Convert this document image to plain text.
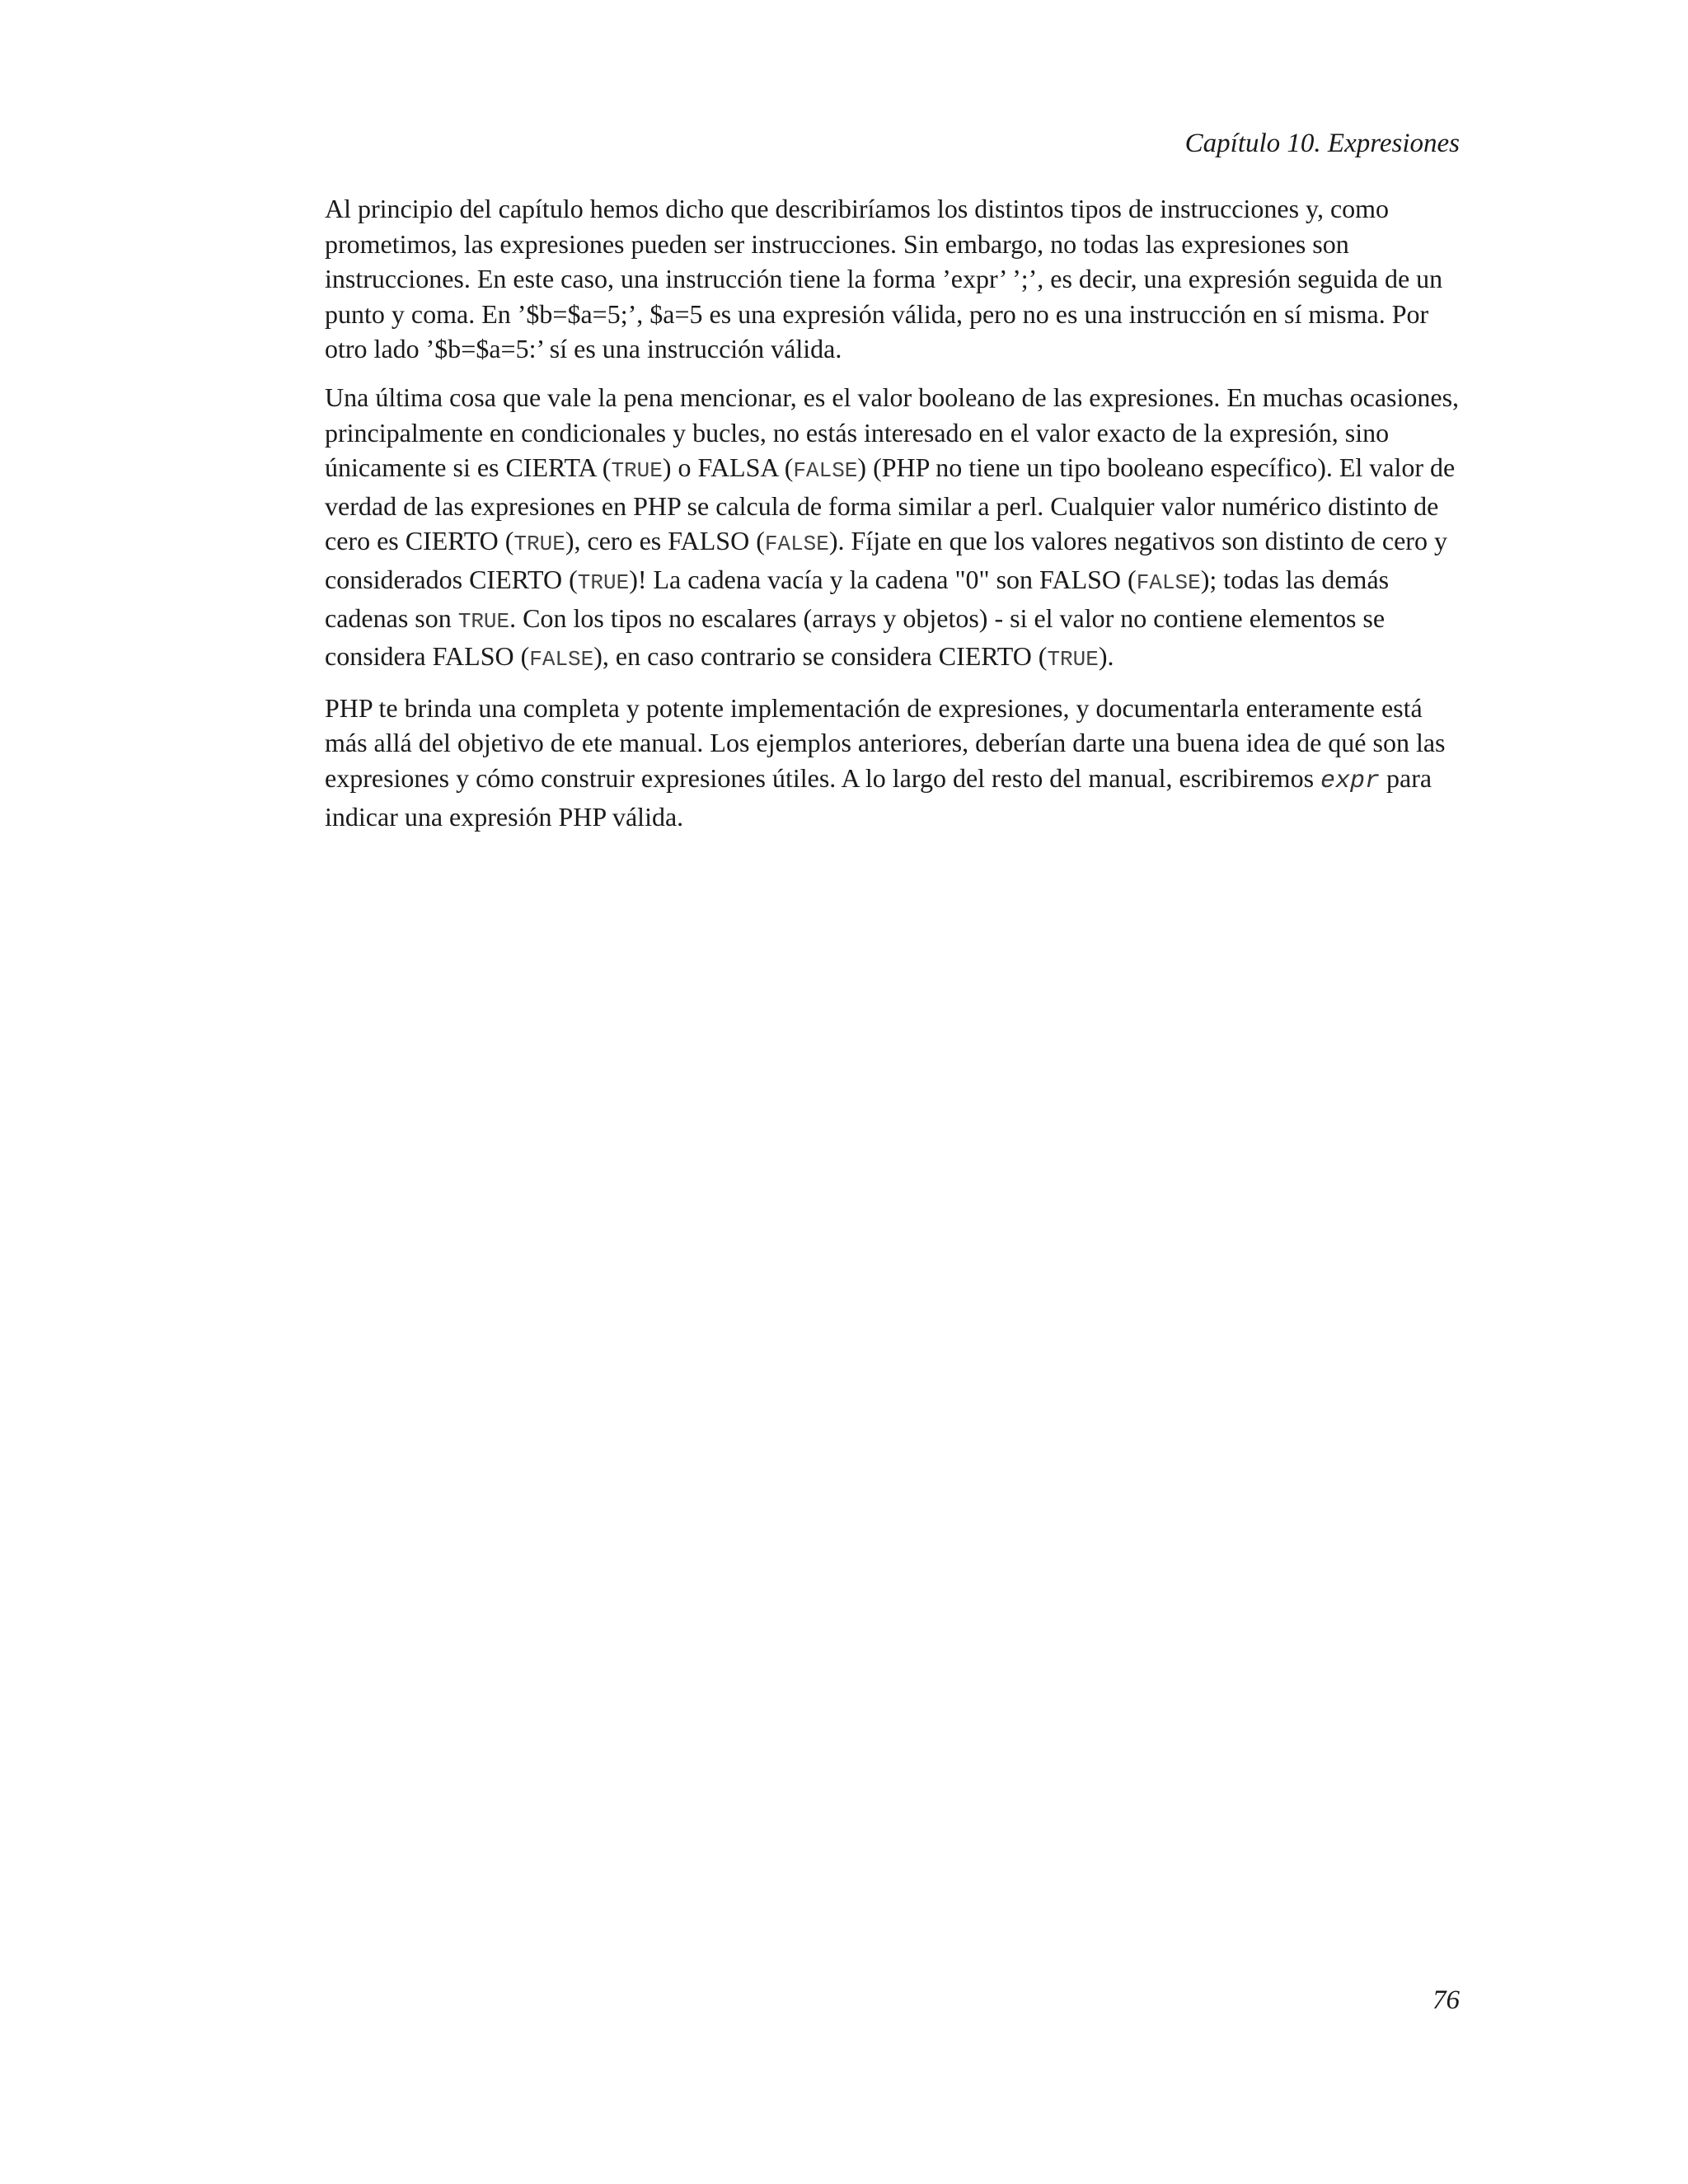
Capítulo 10. Expresiones

Al principio del capítulo hemos dicho que describiríamos los distintos tipos de instrucciones y, como prometimos, las expresiones pueden ser instrucciones. Sin embargo, no todas las expresiones son instrucciones. En este caso, una instrucción tiene la forma ’expr’ ’;’, es decir, una expresión seguida de un punto y coma. En ’$b=$a=5;’, $a=5 es una expresión válida, pero no es una instrucción en sí misma. Por otro lado ’$b=$a=5:’ sí es una instrucción válida.

Una última cosa que vale la pena mencionar, es el valor booleano de las expresiones. En muchas ocasiones, principalmente en condicionales y bucles, no estás interesado en el valor exacto de la expresión, sino únicamente si es CIERTA (TRUE) o FALSA (FALSE) (PHP no tiene un tipo booleano específico). El valor de verdad de las expresiones en PHP se calcula de forma similar a perl. Cualquier valor numérico distinto de cero es CIERTO (TRUE), cero es FALSO (FALSE). Fíjate en que los valores negativos son distinto de cero y considerados CIERTO (TRUE)! La cadena vacía y la cadena "0" son FALSO (FALSE); todas las demás cadenas son TRUE. Con los tipos no escalares (arrays y objetos) - si el valor no contiene elementos se considera FALSO (FALSE), en caso contrario se considera CIERTO (TRUE).

PHP te brinda una completa y potente implementación de expresiones, y documentarla enteramente está más allá del objetivo de ete manual. Los ejemplos anteriores, deberían darte una buena idea de qué son las expresiones y cómo construir expresiones útiles. A lo largo del resto del manual, escribiremos expr para indicar una expresión PHP válida.

76
